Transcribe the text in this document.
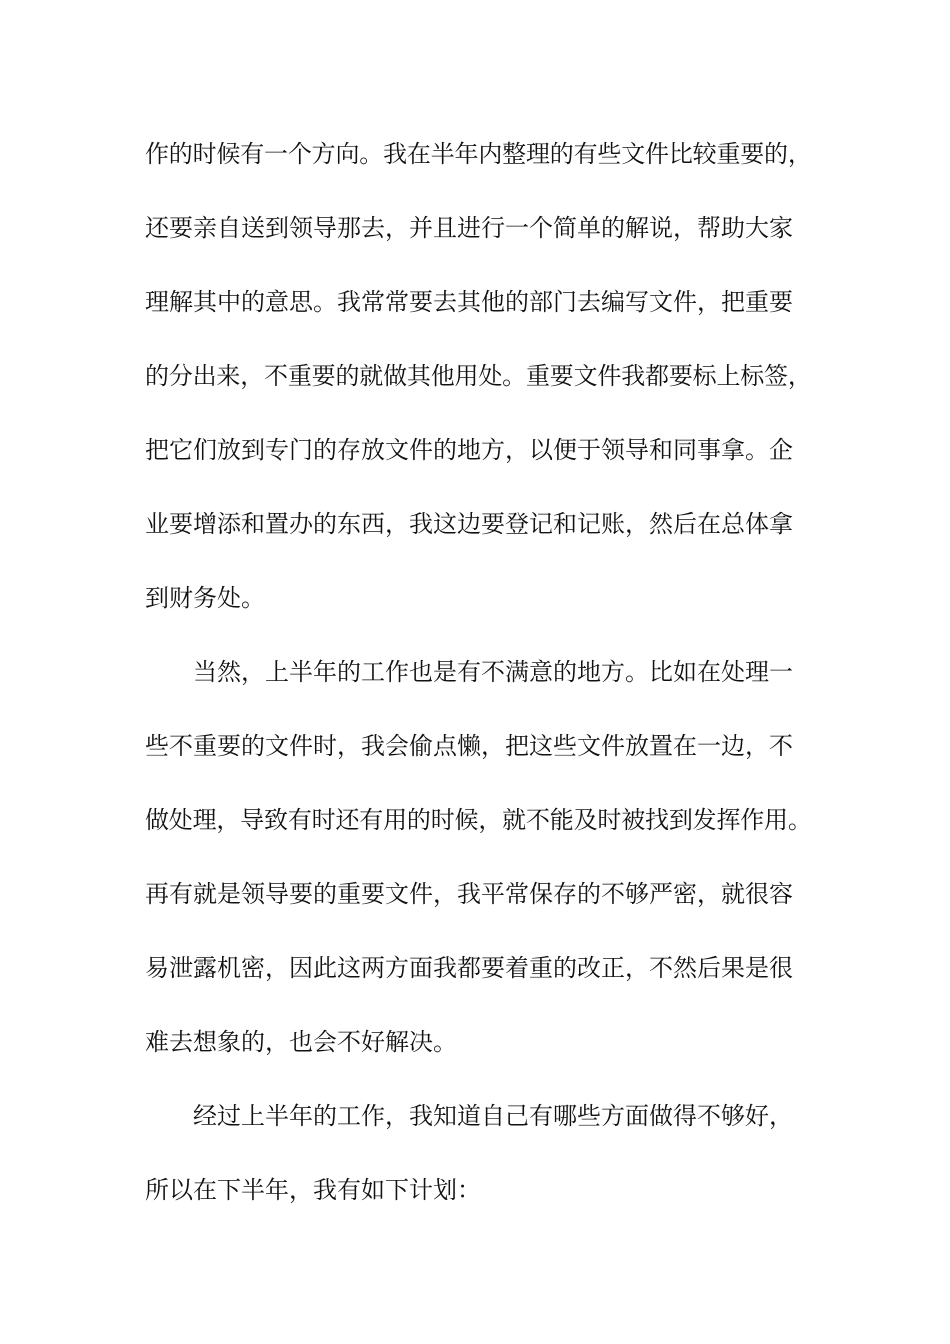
作的时候有一个方向。我在半年内整理的有些文件比较重要的，
还要亲自送到领导那去，并且进行一个简单的解说，帮助大家
理解其中的意思。我常常要去其他的部门去编写文件，把重要
的分出来，不重要的就做其他用处。重要文件我都要标上标签，
把它们放到专门的存放文件的地方，以便于领导和同事拿。企
业要增添和置办的东西，我这边要登记和记账，然后在总体拿
到财务处。
当然，上半年的工作也是有不满意的地方。比如在处理一
些不重要的文件时，我会偷点懒，把这些文件放置在一边，不
做处理，导致有时还有用的时候，就不能及时被找到发挥作用。
再有就是领导要的重要文件，我平常保存的不够严密，就很容
易泄露机密，因此这两方面我都要着重的改正，不然后果是很
难去想象的，也会不好解决。
经过上半年的工作，我知道自己有哪些方面做得不够好，
所以在下半年，我有如下计划：
